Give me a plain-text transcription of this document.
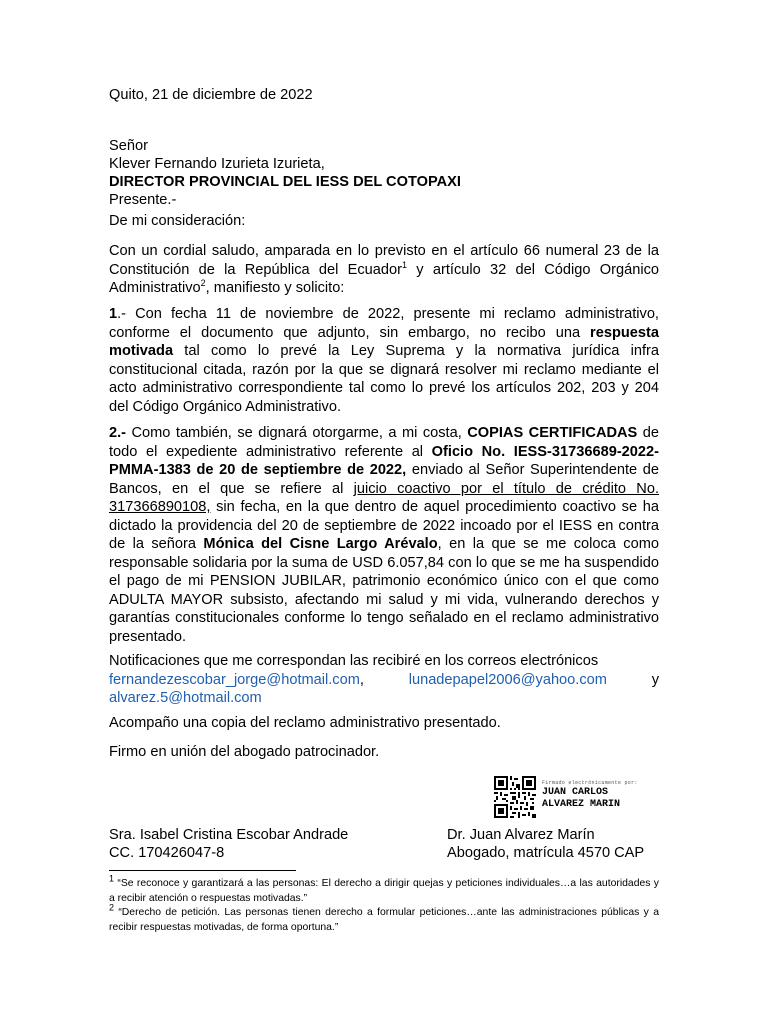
Quito, 21 de diciembre de 2022
Señor
Klever Fernando Izurieta Izurieta,
DIRECTOR PROVINCIAL DEL IESS DEL COTOPAXI
Presente.-
De mi consideración:

Con un cordial saludo, amparada en lo previsto en el artículo 66 numeral 23 de la Constitución de la República del Ecuador$^1$ y artículo 32 del Código Orgánico Administrativo$^2$, manifiesto y solicito:

1.- Con fecha 11 de noviembre de 2022, presente mi reclamo administrativo, conforme el documento que adjunto, sin embargo, no recibo una respuesta motivada tal como lo prevé la Ley Suprema y la normativa jurídica infra constitucional citada, razón por la que se dignará resolver mi reclamo mediante el acto administrativo correspondiente tal como lo prevé los artículos 202, 203 y 204 del Código Orgánico Administrativo.

2.- Como también, se dignará otorgarme, a mi costa, COPIAS CERTIFICADAS de todo el expediente administrativo referente al Oficio No. IESS-31736689-2022-PMMA-1383 de 20 de septiembre de 2022, enviado al Señor Superintendente de Bancos, en el que se refiere al juicio coactivo por el título de crédito No. 317366890108, sin fecha, en la que dentro de aquel procedimiento coactivo se ha dictado la providencia del 20 de septiembre de 2022 incoado por el IESS en contra de la señora Mónica del Cisne Largo Arévalo, en la que se me coloca como responsable solidaria por la suma de USD 6.057,84 con lo que se me ha suspendido el pago de mi PENSION JUBILAR, patrimonio económico único con el que como ADULTA MAYOR subsisto, afectando mi salud y mi vida, vulnerando derechos y garantías constitucionales conforme lo tengo señalado en el reclamo administrativo presentado.

Notificaciones que me correspondan las recibiré en los correos electrónicos
fernandezescobar_jorge@hotmail.com,	lunadepapel2006@yahoo.com	y
alvarez.5@hotmail.com
Acompaño una copia del reclamo administrativo presentado.
Firmo en unión del abogado patrocinador.
Firmado electrónicamente por:
JUAN CARLOS
ALVAREZ MARIN
Sra. Isabel Cristina Escobar Andrade
CC. 170426047-8
Dr. Juan Alvarez Marín
Abogado, matrícula 4570 CAP
$^1$ “Se reconoce y garantizará a las personas: El derecho a dirigir quejas y peticiones individuales…a las autoridades y a recibir atención o respuestas motivadas.”
$^2$ “Derecho de petición. Las personas tienen derecho a formular peticiones…ante las administraciones públicas y a recibir respuestas motivadas, de forma oportuna.”
